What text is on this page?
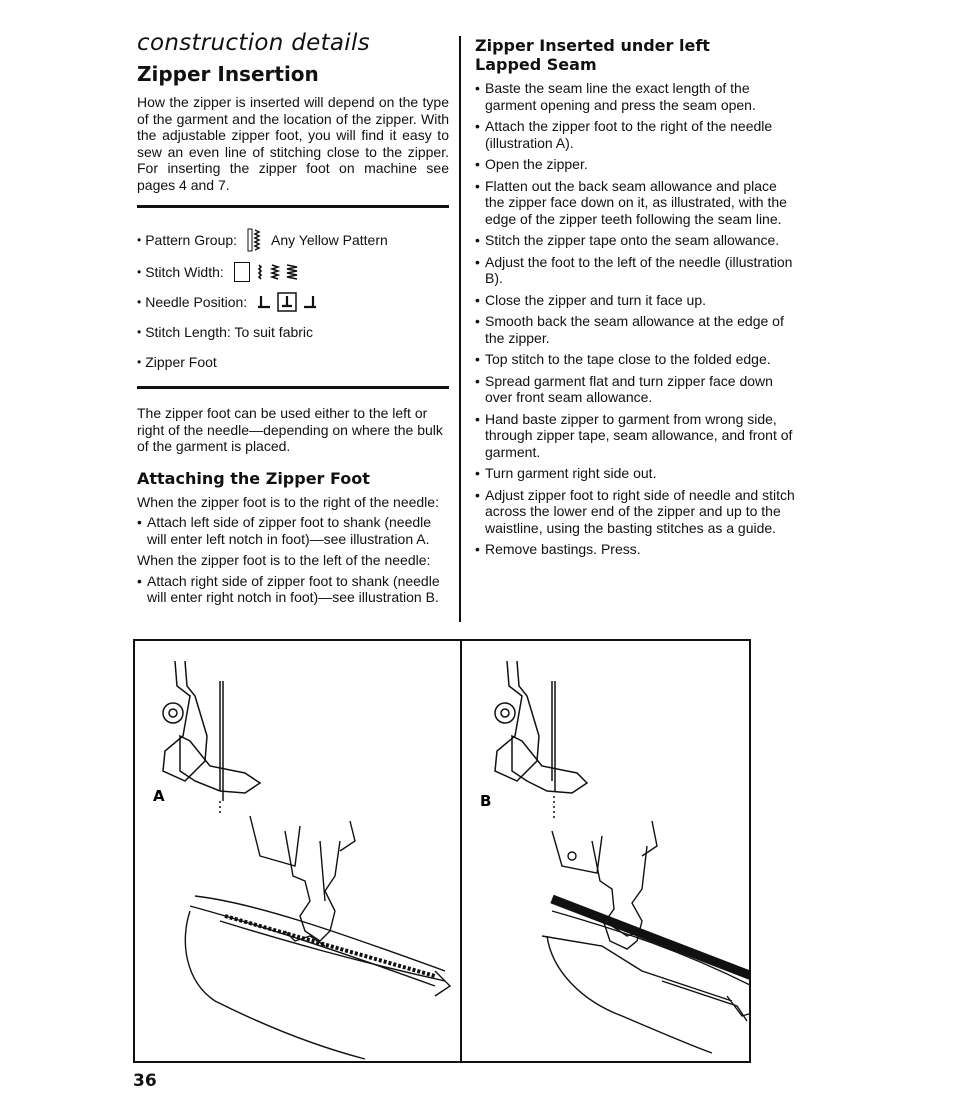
construction details
Zipper Insertion

How the zipper is inserted will depend on the type of the garment and the location of the zipper. With the adjustable zipper foot, you will find it easy to sew an even line of stitching close to the zipper. For inserting the zipper foot on machine see pages 4 and 7.

• Pattern Group: Any Yellow Pattern
• Stitch Width:
• Needle Position:
• Stitch Length: To suit fabric
• Zipper Foot

The zipper foot can be used either to the left or right of the needle—depending on where the bulk of the garment is placed.

Attaching the Zipper Foot

When the zipper foot is to the right of the needle:

• Attach left side of zipper foot to shank (needle will enter left notch in foot)—see illustration A.

When the zipper foot is to the left of the needle:

• Attach right side of zipper foot to shank (needle will enter right notch in foot)—see illustration B.
Zipper Inserted under left Lapped Seam
• Baste the seam line the exact length of the garment opening and press the seam open.
• Attach the zipper foot to the right of the needle (illustration A).
• Open the zipper.
• Flatten out the back seam allowance and place the zipper face down on it, as illustrated, with the edge of the zipper teeth following the seam line.
• Stitch the zipper tape onto the seam allowance.
• Adjust the foot to the left of the needle (illustration B).
• Close the zipper and turn it face up.
• Smooth back the seam allowance at the edge of the zipper.
• Top stitch to the tape close to the folded edge.
• Spread garment flat and turn zipper face down over front seam allowance.
• Hand baste zipper to garment from wrong side, through zipper tape, seam allowance, and front of garment.
• Turn garment right side out.
• Adjust zipper foot to right side of needle and stitch across the lower end of the zipper and up to the waistline, using the basting stitches as a guide.
• Remove bastings. Press.
A	B
36
